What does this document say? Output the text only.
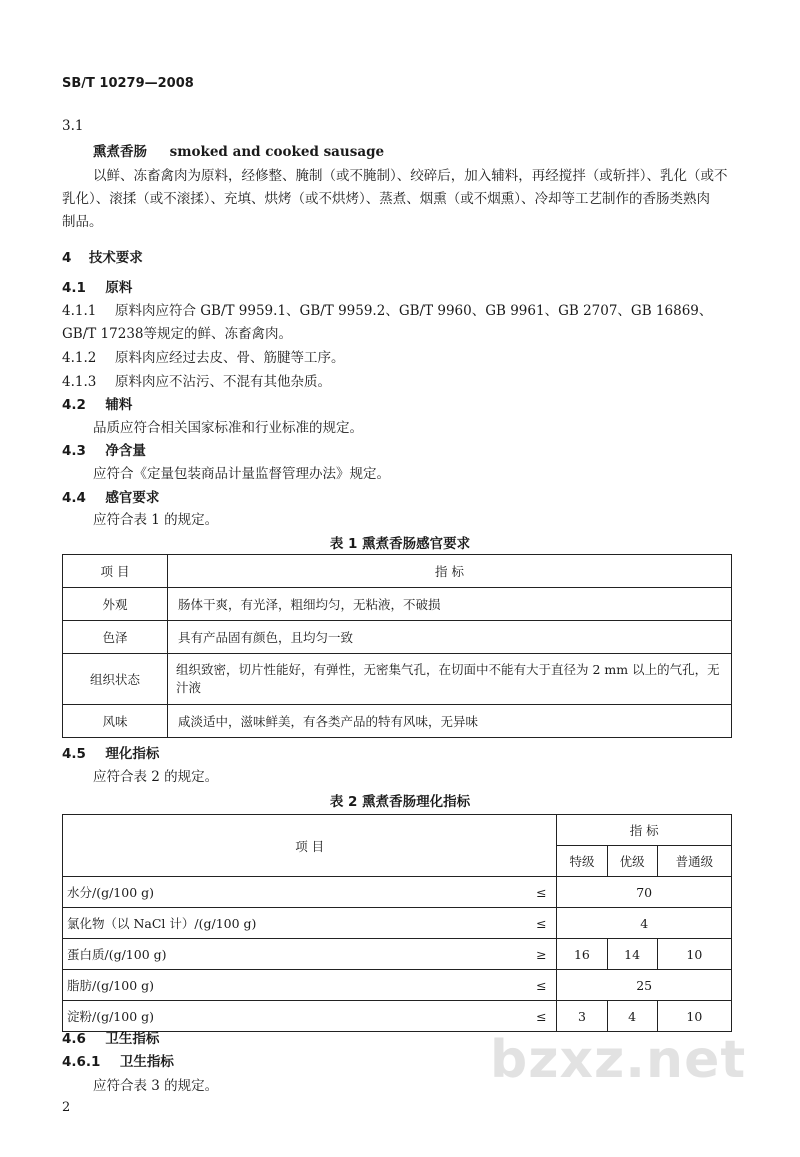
SB/T 10279—2008
3.1
熏煮香肠 smoked and cooked sausage
以鲜、冻畜禽肉为原料，经修整、腌制（或不腌制）、绞碎后，加入辅料，再经搅拌（或斩拌）、乳化（或不
乳化）、滚揉（或不滚揉）、充填、烘烤（或不烘烤）、蒸煮、烟熏（或不烟熏）、冷却等工艺制作的香肠类熟肉
制品。
4 技术要求
4.1 原料
4.1.1 原料肉应符合 GB/T 9959.1、GB/T 9959.2、GB/T 9960、GB 9961、GB 2707、GB 16869、
GB/T 17238等规定的鲜、冻畜禽肉。
4.1.2 原料肉应经过去皮、骨、筋腱等工序。
4.1.3 原料肉应不沾污、不混有其他杂质。
4.2 辅料
品质应符合相关国家标准和行业标准的规定。
4.3 净含量
应符合《定量包装商品计量监督管理办法》规定。
4.4 感官要求
应符合表 1 的规定。
表 1 熏煮香肠感官要求
项 目	指 标
外观	肠体干爽，有光泽，粗细均匀，无粘液，不破损
色泽	具有产品固有颜色，且均匀一致
组织状态	组织致密，切片性能好，有弹性，无密集气孔，在切面中不能有大于直径为 2 mm 以上的气孔，无
汁液

风味	咸淡适中，滋味鲜美，有各类产品的特有风味，无异味
4.5 理化指标
应符合表 2 的规定。
表 2 熏煮香肠理化指标
项 目		指 标		
		特级	优级	普通级
水分/(g/100 g)	≤	70		
氯化物（以 NaCl 计）/(g/100 g)	≤	4		
蛋白质/(g/100 g)	≥	16	14	10
脂肪/(g/100 g)	≤	25		
淀粉/(g/100 g)	≤	3	4	10
4.6 卫生指标
4.6.1 卫生指标
应符合表 3 的规定。	bzxz.net
2
